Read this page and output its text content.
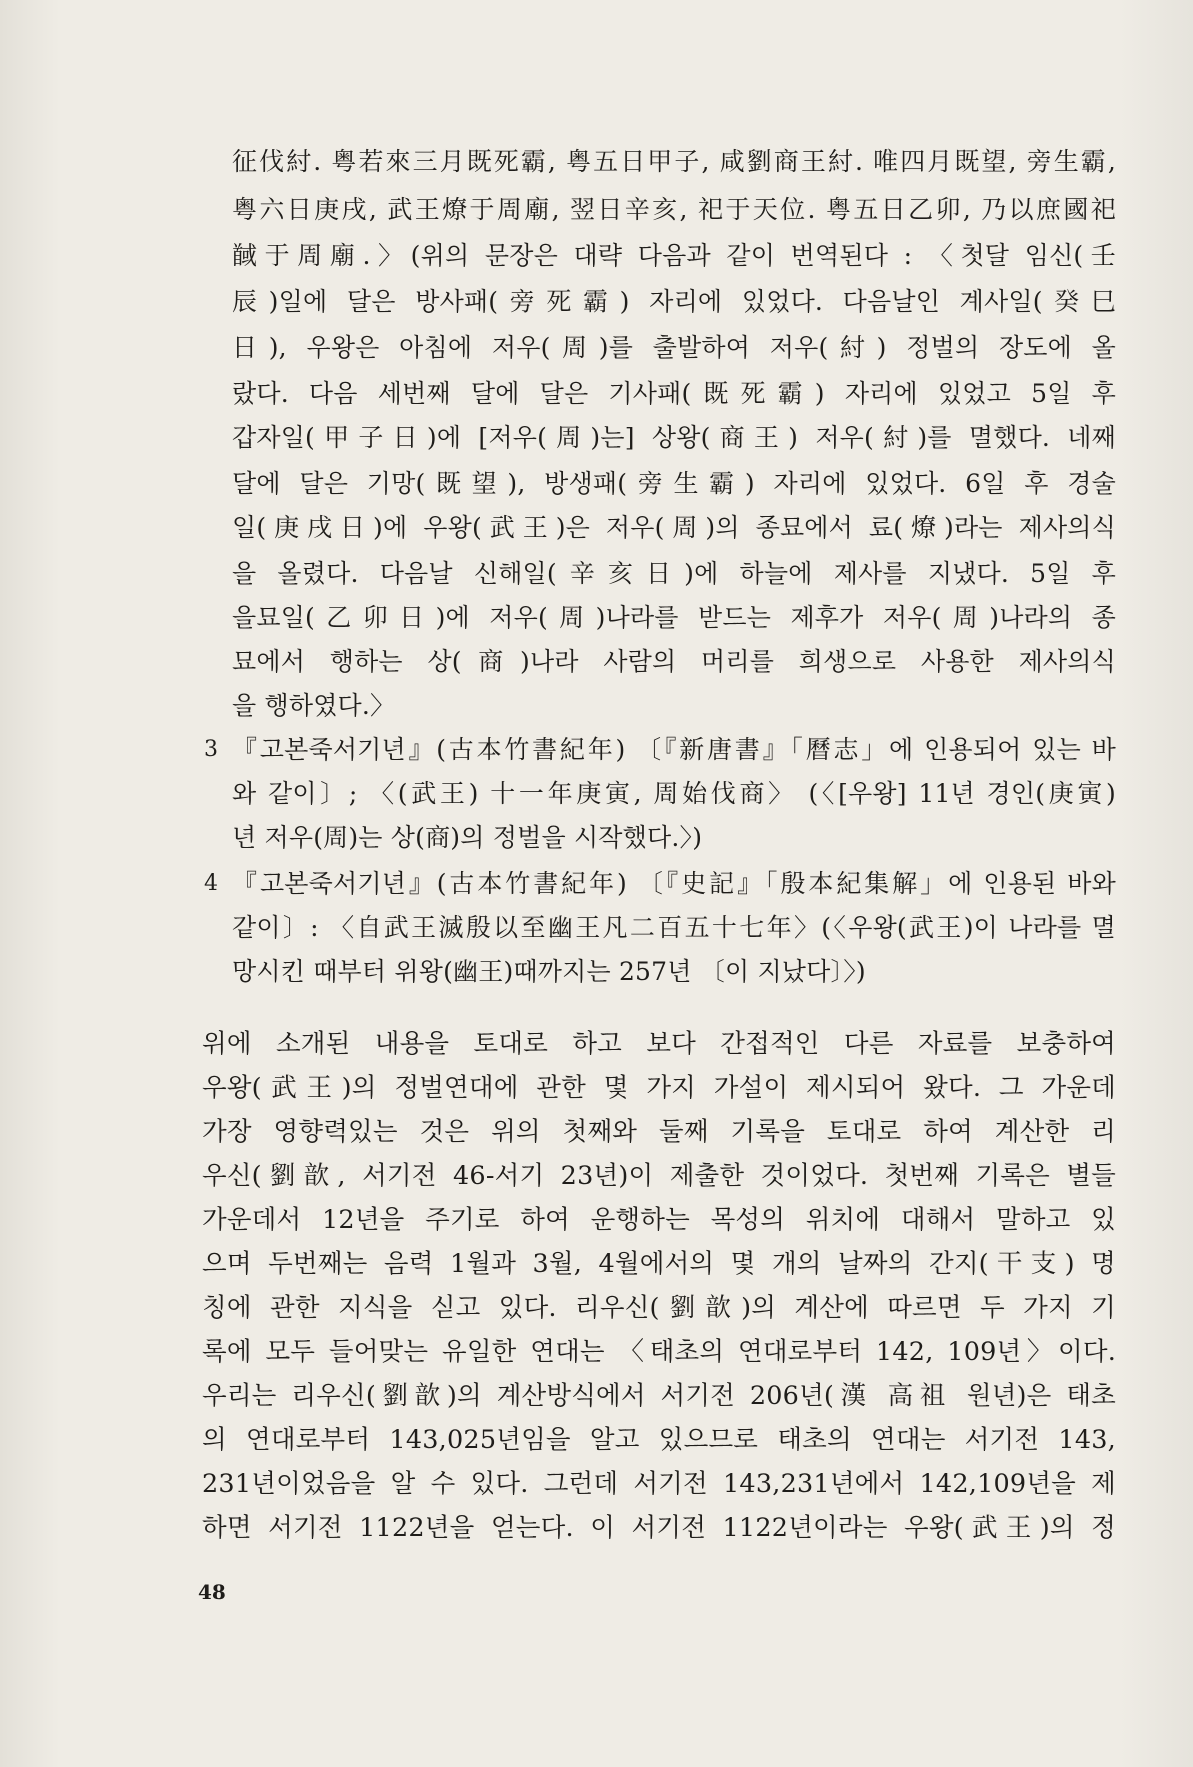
征伐紂. 粤若來三月既死霸, 粤五日甲子, 咸劉商王紂. 唯四月既望, 旁生霸,

粤六日庚戌, 武王燎于周廟, 翌日辛亥, 祀于天位. 粤五日乙卯, 乃以庶國祀

馘于周廟.〉(위의 문장은 대략 다음과 같이 번역된다 : 〈첫달 임신(壬

辰)일에 달은 방사패(旁死霸) 자리에 있었다. 다음날인 계사일(癸巳

日), 우왕은 아침에 저우(周)를 출발하여 저우(紂) 정벌의 장도에 올

랐다. 다음 세번째 달에 달은 기사패(既死霸) 자리에 있었고 5일 후

갑자일(甲子日)에 [저우(周)는] 상왕(商王) 저우(紂)를 멸했다. 네째

달에 달은 기망(既望), 방생패(旁生霸) 자리에 있었다. 6일 후 경술

일(庚戌日)에 우왕(武王)은 저우(周)의 종묘에서 료(燎)라는 제사의식

을 올렸다. 다음날 신해일(辛亥日)에 하늘에 제사를 지냈다. 5일 후

을묘일(乙卯日)에 저우(周)나라를 받드는 제후가 저우(周)나라의 종

묘에서 행하는 상(商)나라 사람의 머리를 희생으로 사용한 제사의식

을 행하였다.〉

3 『고본죽서기년』(古本竹書紀年) 〔『新唐書』「曆志」에 인용되어 있는 바

와 같이〕; 〈(武王) 十一年庚寅, 周始伐商〉 (〈[우왕] 11년 경인(庚寅)

년 저우(周)는 상(商)의 정벌을 시작했다.〉)

4 『고본죽서기년』(古本竹書紀年) 〔『史記』「殷本紀集解」에 인용된 바와

같이〕: 〈自武王滅殷以至幽王凡二百五十七年〉(〈우왕(武王)이 나라를 멸

망시킨 때부터 위왕(幽王)때까지는 257년 〔이 지났다〕〉)

위에 소개된 내용을 토대로 하고 보다 간접적인 다른 자료를 보충하여

우왕(武王)의 정벌연대에 관한 몇 가지 가설이 제시되어 왔다. 그 가운데

가장 영향력있는 것은 위의 첫째와 둘째 기록을 토대로 하여 계산한 리

우신(劉歆, 서기전 46-서기 23년)이 제출한 것이었다. 첫번째 기록은 별들

가운데서 12년을 주기로 하여 운행하는 목성의 위치에 대해서 말하고 있

으며 두번째는 음력 1월과 3월, 4월에서의 몇 개의 날짜의 간지(干支) 명

칭에 관한 지식을 싣고 있다. 리우신(劉歆)의 계산에 따르면 두 가지 기

록에 모두 들어맞는 유일한 연대는 〈태초의 연대로부터 142, 109년〉이다.

우리는 리우신(劉歆)의 계산방식에서 서기전 206년(漢 高祖 원년)은 태초

의 연대로부터 143,025년임을 알고 있으므로 태초의 연대는 서기전 143,

231년이었음을 알 수 있다. 그런데 서기전 143,231년에서 142,109년을 제

하면 서기전 1122년을 얻는다. 이 서기전 1122년이라는 우왕(武王)의 정

48
